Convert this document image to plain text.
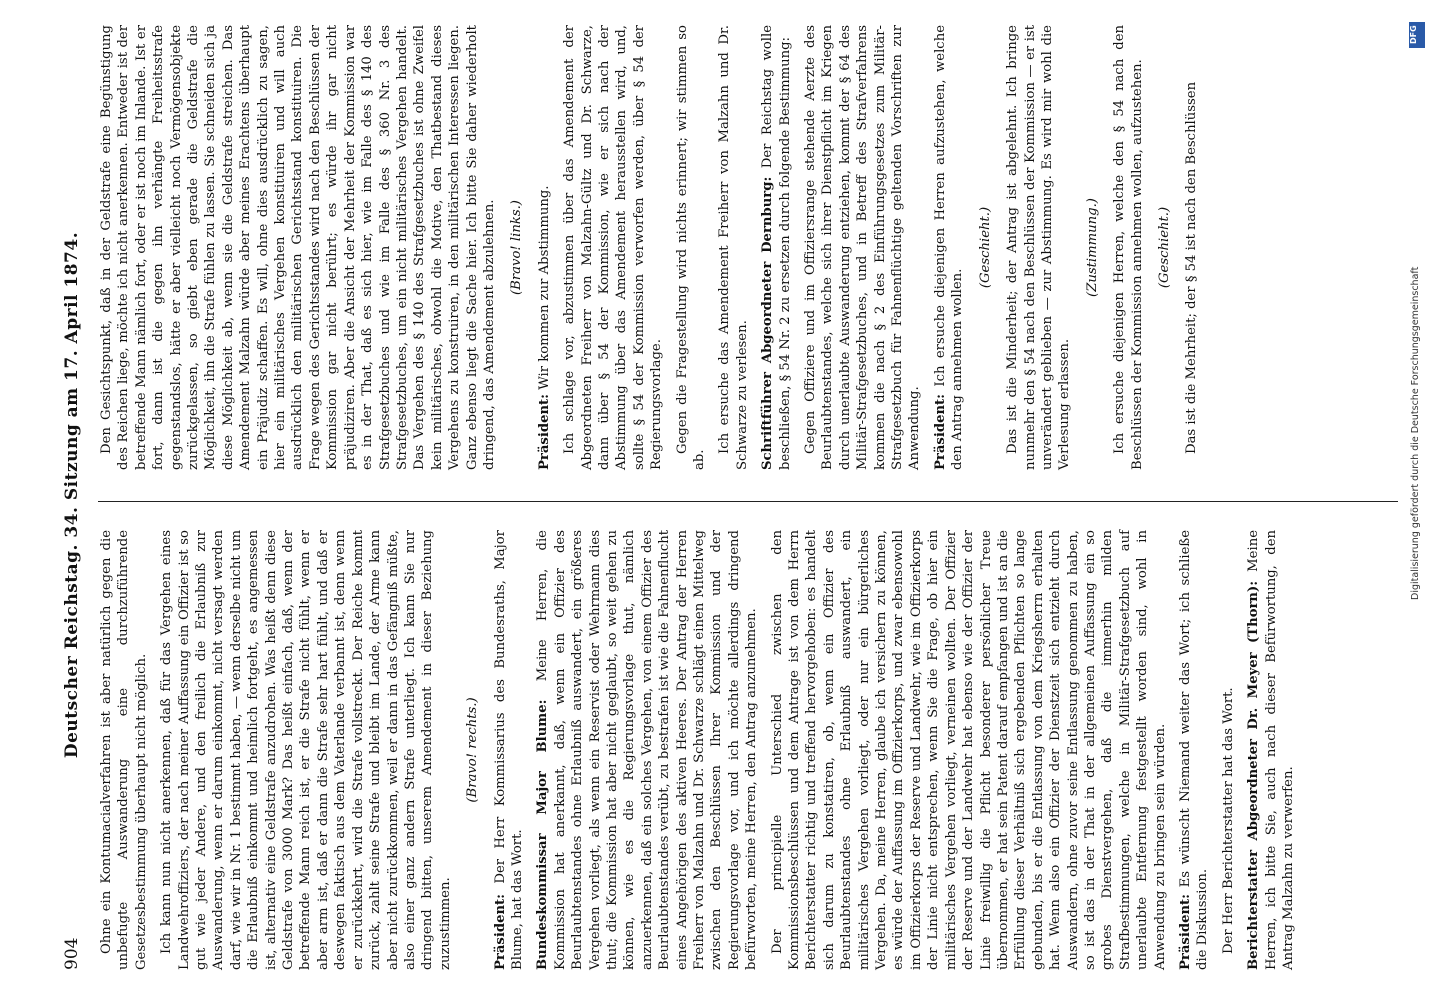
904
Deutscher Reichstag. 34. Sitzung am 17. April 1874. Ohne ein Kontumacialverfahren ist aber natürlich gegen die unbefugte Auswanderung eine durchzuführende Gesetzesbestimmung überhaupt nicht möglich. Ich kann nun nicht anerkennen, daß für das Vergehen eines Landwehroffiziers, der nach meiner Auffassung ein Offizier ist so gut wie jeder Andere, und den freilich die Erlaubniß zur Auswanderung, wenn er darum einkommt, nicht versagt werden darf, wie wir in Nr. 1 bestimmt haben, — wenn derselbe nicht um die Erlaubniß einkommt und heimlich fortgeht, es angemessen ist, alternativ eine Geldstrafe anzudrohen. Was heißt denn diese Geldstrafe von 3000 Mark? Das heißt einfach, daß, wenn der betreffende Mann reich ist, er die Strafe nicht fühlt, wenn er aber arm ist, daß er dann die Strafe sehr hart fühlt, und daß er deswegen faktisch aus dem Vaterlande verbannt ist, denn wenn er zurückkehrt, wird die Strafe vollstreckt. Der Reiche kommt zurück, zahlt seine Strafe und bleibt im Lande, der Arme kann aber nicht zurückkommen, weil er dann in das Gefängniß müßte, also einer ganz andern Strafe unterliegt. Ich kann Sie nur dringend bitten, unserem Amendement in dieser Beziehung zuzustimmen.

(Bravo! rechts.)

Präsident: Der Herr Kommissarius des Bundesraths, Major Blume, hat das Wort. Bundeskommissar Major Blume: Meine Herren, die Kommission hat anerkannt, daß, wenn ein Offizier des Beurlaubtenstandes ohne Erlaubniß auswandert, ein größeres Vergehen vorliegt, als wenn ein Reservist oder Wehrmann dies thut; die Kommission hat aber nicht geglaubt, so weit gehen zu können, wie es die Regierungsvorlage thut, nämlich anzuerkennen, daß ein solches Vergehen, von einem Offizier des Beurlaubtenstandes verübt, zu bestrafen ist wie die Fahnenflucht eines Angehörigen des aktiven Heeres. Der Antrag der Herren Freiherr von Malzahn und Dr. Schwarze schlägt einen Mittelweg zwischen den Beschlüssen Ihrer Kommission und der Regierungsvorlage vor, und ich möchte allerdings dringend befürworten, meine Herren, den Antrag anzunehmen. Der principielle Unterschied zwischen den Kommissionsbeschlüssen und dem Antrage ist von dem Herrn Berichterstatter richtig und treffend hervorgehoben: es handelt sich darum zu konstatiren, ob, wenn ein Offizier des Beurlaubtenstandes ohne Erlaubniß auswandert, ein militärisches Vergehen vorliegt, oder nur ein bürgerliches Vergehen. Da, meine Herren, glaube ich versichern zu können, es würde der Auffassung im Offizierkorps, und zwar ebensowohl im Offizierkorps der Reserve und Landwehr, wie im Offizierkorps der Linie nicht entsprechen, wenn Sie die Frage, ob hier ein militärisches Vergehen vorliegt, verneinen wollten. Der Offizier der Reserve und der Landwehr hat ebenso wie der Offizier der Linie freiwillig die Pflicht besonderer persönlicher Treue übernommen, er hat sein Patent darauf empfangen und ist an die Erfüllung dieser Verhältniß sich ergebenden Pflichten so lange gebunden, bis er die Entlassung von dem Kriegsherrn erhalten hat. Wenn also ein Offizier der Dienstzeit sich entzieht durch Auswandern, ohne zuvor seine Entlassung genommen zu haben, so ist das in der That in der allgemeinen Auffassung ein so grobes Dienstvergehen, daß die immerhin milden Strafbestimmungen, welche in Militär-Strafgesetzbuch auf unerlaubte Entfernung festgestellt worden sind, wohl in Anwendung zu bringen sein würden. Präsident: Es wünscht Niemand weiter das Wort; ich schließe die Diskussion. Der Herr Berichterstatter hat das Wort. Berichterstatter Abgeordneter Dr. Meyer (Thorn): Meine Herren, ich bitte Sie, auch nach dieser Befürwortung, den Antrag Malzahn zu verwerfen.

Den Gesichtspunkt, daß in der Geldstrafe eine Begünstigung des Reichen liege, möchte ich nicht anerkennen. Entweder ist der betreffende Mann nämlich fort, oder er ist noch im Inlande. Ist er fort, dann ist die gegen ihn verhängte Freiheitsstrafe gegenstandslos, hätte er aber vielleicht noch Vermögensobjekte zurückgelassen, so giebt eben gerade die Geldstrafe die Möglichkeit, ihn die Strafe fühlen zu lassen. Sie schneiden sich ja diese Möglichkeit ab, wenn sie die Geldstrafe streichen. Das Amendement Malzahn würde aber meines Erachtens überhaupt ein Präjudiz schaffen. Es will, ohne dies ausdrücklich zu sagen, hier ein militärisches Vergehen konstituiren und will auch ausdrücklich den militärischen Gerichtsstand konstituiren. Die Frage wegen des Gerichtsstandes wird nach den Beschlüssen der Kommission gar nicht berührt; es würde ihr gar nicht präjudiziren. Aber die Ansicht der Mehrheit der Kommission war es in der That, daß es sich hier, wie im Falle des § 140 des Strafgesetzbuches und wie im Falle des § 360 Nr. 3 des Strafgesetzbuches, um ein nicht militärisches Vergehen handelt. Das Vergehen des § 140 des Strafgesetzbuches ist ohne Zweifel kein militärisches, obwohl die Motive, den Thatbestand dieses Vergehens zu konstruiren, in den militärischen Interessen liegen. Ganz ebenso liegt die Sache hier. Ich bitte Sie daher wiederholt dringend, das Amendement abzulehnen. (Bravo! links.)

Präsident: Wir kommen zur Abstimmung. Ich schlage vor, abzustimmen über das Amendement der Abgeordneten Freiherr von Malzahn-Gültz und Dr. Schwarze, dann über § 54 der Kommission, wie er sich nach der Abstimmung über das Amendement herausstellen wird, und, sollte § 54 der Kommission verworfen werden, über § 54 der Regierungsvorlage. Gegen die Fragestellung wird nichts erinnert; wir stimmen so ab.

Ich ersuche das Amendement Freiherr von Malzahn und Dr. Schwarze zu verlesen. Schriftführer Abgeordneter Dernburg: Der Reichstag wolle beschließen, § 54 Nr. 2 zu ersetzen durch folgende Bestimmung: Gegen Offiziere und im Offiziersrange stehende Aerzte des Beurlaubtenstandes, welche sich ihrer Dienstpflicht im Kriegen durch unerlaubte Auswanderung entziehen, kommt der § 64 des Militär-Strafgesetzbuches, und in Betreff des Strafverfahrens kommen die nach § 2 des Einführungsgesetzes zum Militär-Strafgesetzbuch für Fahnenflüchtige geltenden Vorschriften zur Anwendung. Präsident: Ich ersuche diejenigen Herren aufzustehen, welche den Antrag annehmen wollen.

(Geschieht.) Das ist die Minderheit; der Antrag ist abgelehnt. Ich bringe nunmehr den § 54 nach den Beschlüssen der Kommission — er ist unverändert geblieben — zur Abstimmung. Es wird mir wohl die Verlesung erlassen.

(Zustimmung.) Ich ersuche diejenigen Herren, welche den § 54 nach den Beschlüssen der Kommission annehmen wollen, aufzustehen. (Geschieht.) Das ist die Mehrheit; der § 54 ist nach den Beschlüssen

DFG
Digitalisierung gefördert durch die Deutsche Forschungsgemeinschaft
